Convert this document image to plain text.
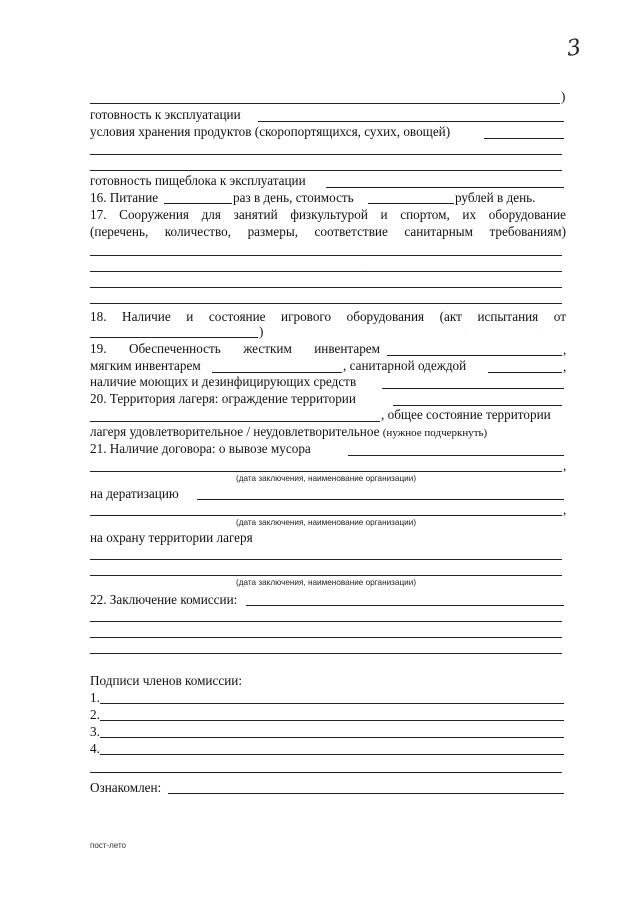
3
)
готовность к эксплуатации
условия хранения продуктов (скоропортящихся, сухих, овощей)
готовность пищеблока к эксплуатации
16. Питание	раз в день, стоимость	рублей в день.
17. Сооружения для занятий физкультурой и спортом, их оборудование
(перечень, количество, размеры, соответствие санитарным требованиям)
18. Наличие и состояние игрового оборудования (акт испытания от
)
19. Обеспеченность жестким инвентарем	,
мягким инвентарем	, санитарной одеждой	,
наличие моющих и дезинфицирующих средств
20. Территория лагеря: ограждение территории
, общее состояние территории
лагеря удовлетворительное / неудовлетворительное (нужное подчеркнуть)
21. Наличие договора: о вывозе мусора
,
(дата заключения, наименование организации)
на дератизацию
,
(дата заключения, наименование организации)
на охрану территории лагеря
(дата заключения, наименование организации)
22. Заключение комиссии:
Подписи членов комиссии:
1.
2.
3.
4.
Ознакомлен:
·
·
·
пост-лето
